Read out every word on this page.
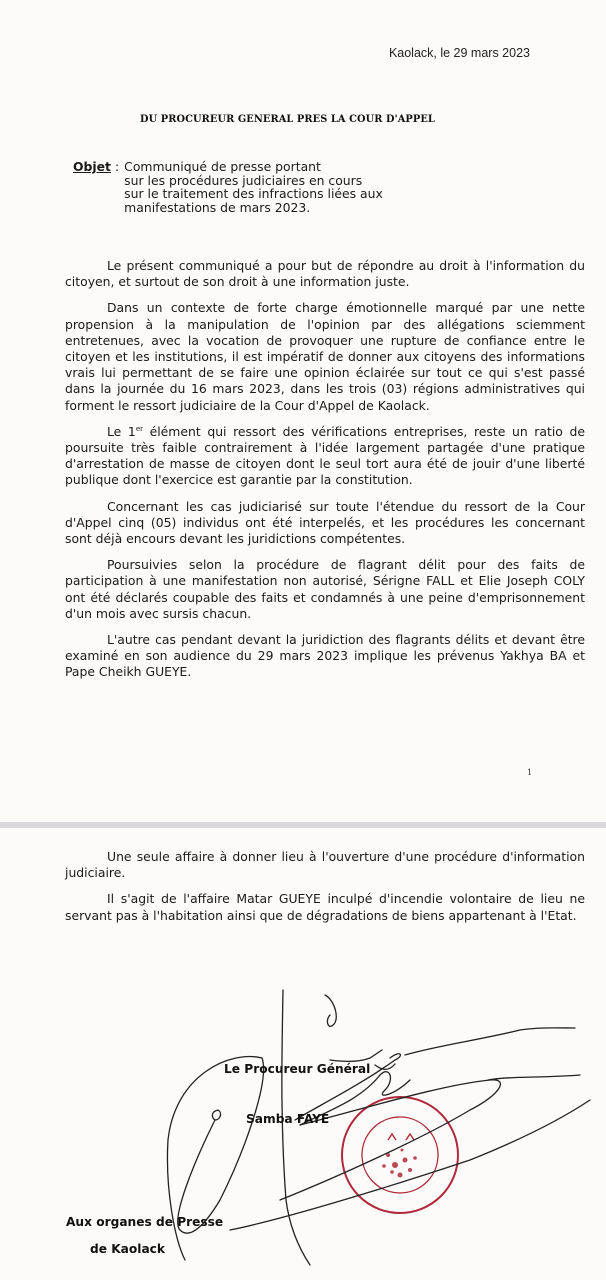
Kaolack, le 29 mars 2023
DU PROCUREUR GENERAL PRES LA COUR D'APPEL
Objet : Communiqué de presse portant
sur les procédures judiciaires en cours
sur le traitement des infractions liées aux
manifestations de mars 2023.

Le présent communiqué a pour but de répondre au droit à l'information du citoyen, et surtout de son droit à une information juste.

Dans un contexte de forte charge émotionnelle marqué par une nette propension à la manipulation de l'opinion par des allégations sciemment entretenues, avec la vocation de provoquer une rupture de confiance entre le citoyen et les institutions, il est impératif de donner aux citoyens des informations vrais lui permettant de se faire une opinion éclairée sur tout ce qui s'est passé dans la journée du 16 mars 2023, dans les trois (03) régions administratives qui forment le ressort judiciaire de la Cour d'Appel de Kaolack.

Le 1er élément qui ressort des vérifications entreprises, reste un ratio de poursuite très faible contrairement à l'idée largement partagée d'une pratique d'arrestation de masse de citoyen dont le seul tort aura été de jouir d'une liberté publique dont l'exercice est garantie par la constitution.

Concernant les cas judiciarisé sur toute l'étendue du ressort de la Cour d'Appel cinq (05) individus ont été interpelés, et les procédures les concernant sont déjà encours devant les juridictions compétentes.

Poursuivies selon la procédure de flagrant délit pour des faits de participation à une manifestation non autorisé, Sérigne FALL et Elie Joseph COLY ont été déclarés coupable des faits et condamnés à une peine d'emprisonnement d'un mois avec sursis chacun.

L'autre cas pendant devant la juridiction des flagrants délits et devant être examiné en son audience du 29 mars 2023 implique les prévenus Yakhya BA et Pape Cheikh GUEYE.

1

Une seule affaire à donner lieu à l'ouverture d'une procédure d'information judiciaire.

Il s'agit de l'affaire Matar GUEYE inculpé d'incendie volontaire de lieu ne servant pas à l'habitation ainsi que de dégradations de biens appartenant à l'Etat.

Le Procureur Général
Samba FAYE
Aux organes de Presse
de Kaolack
